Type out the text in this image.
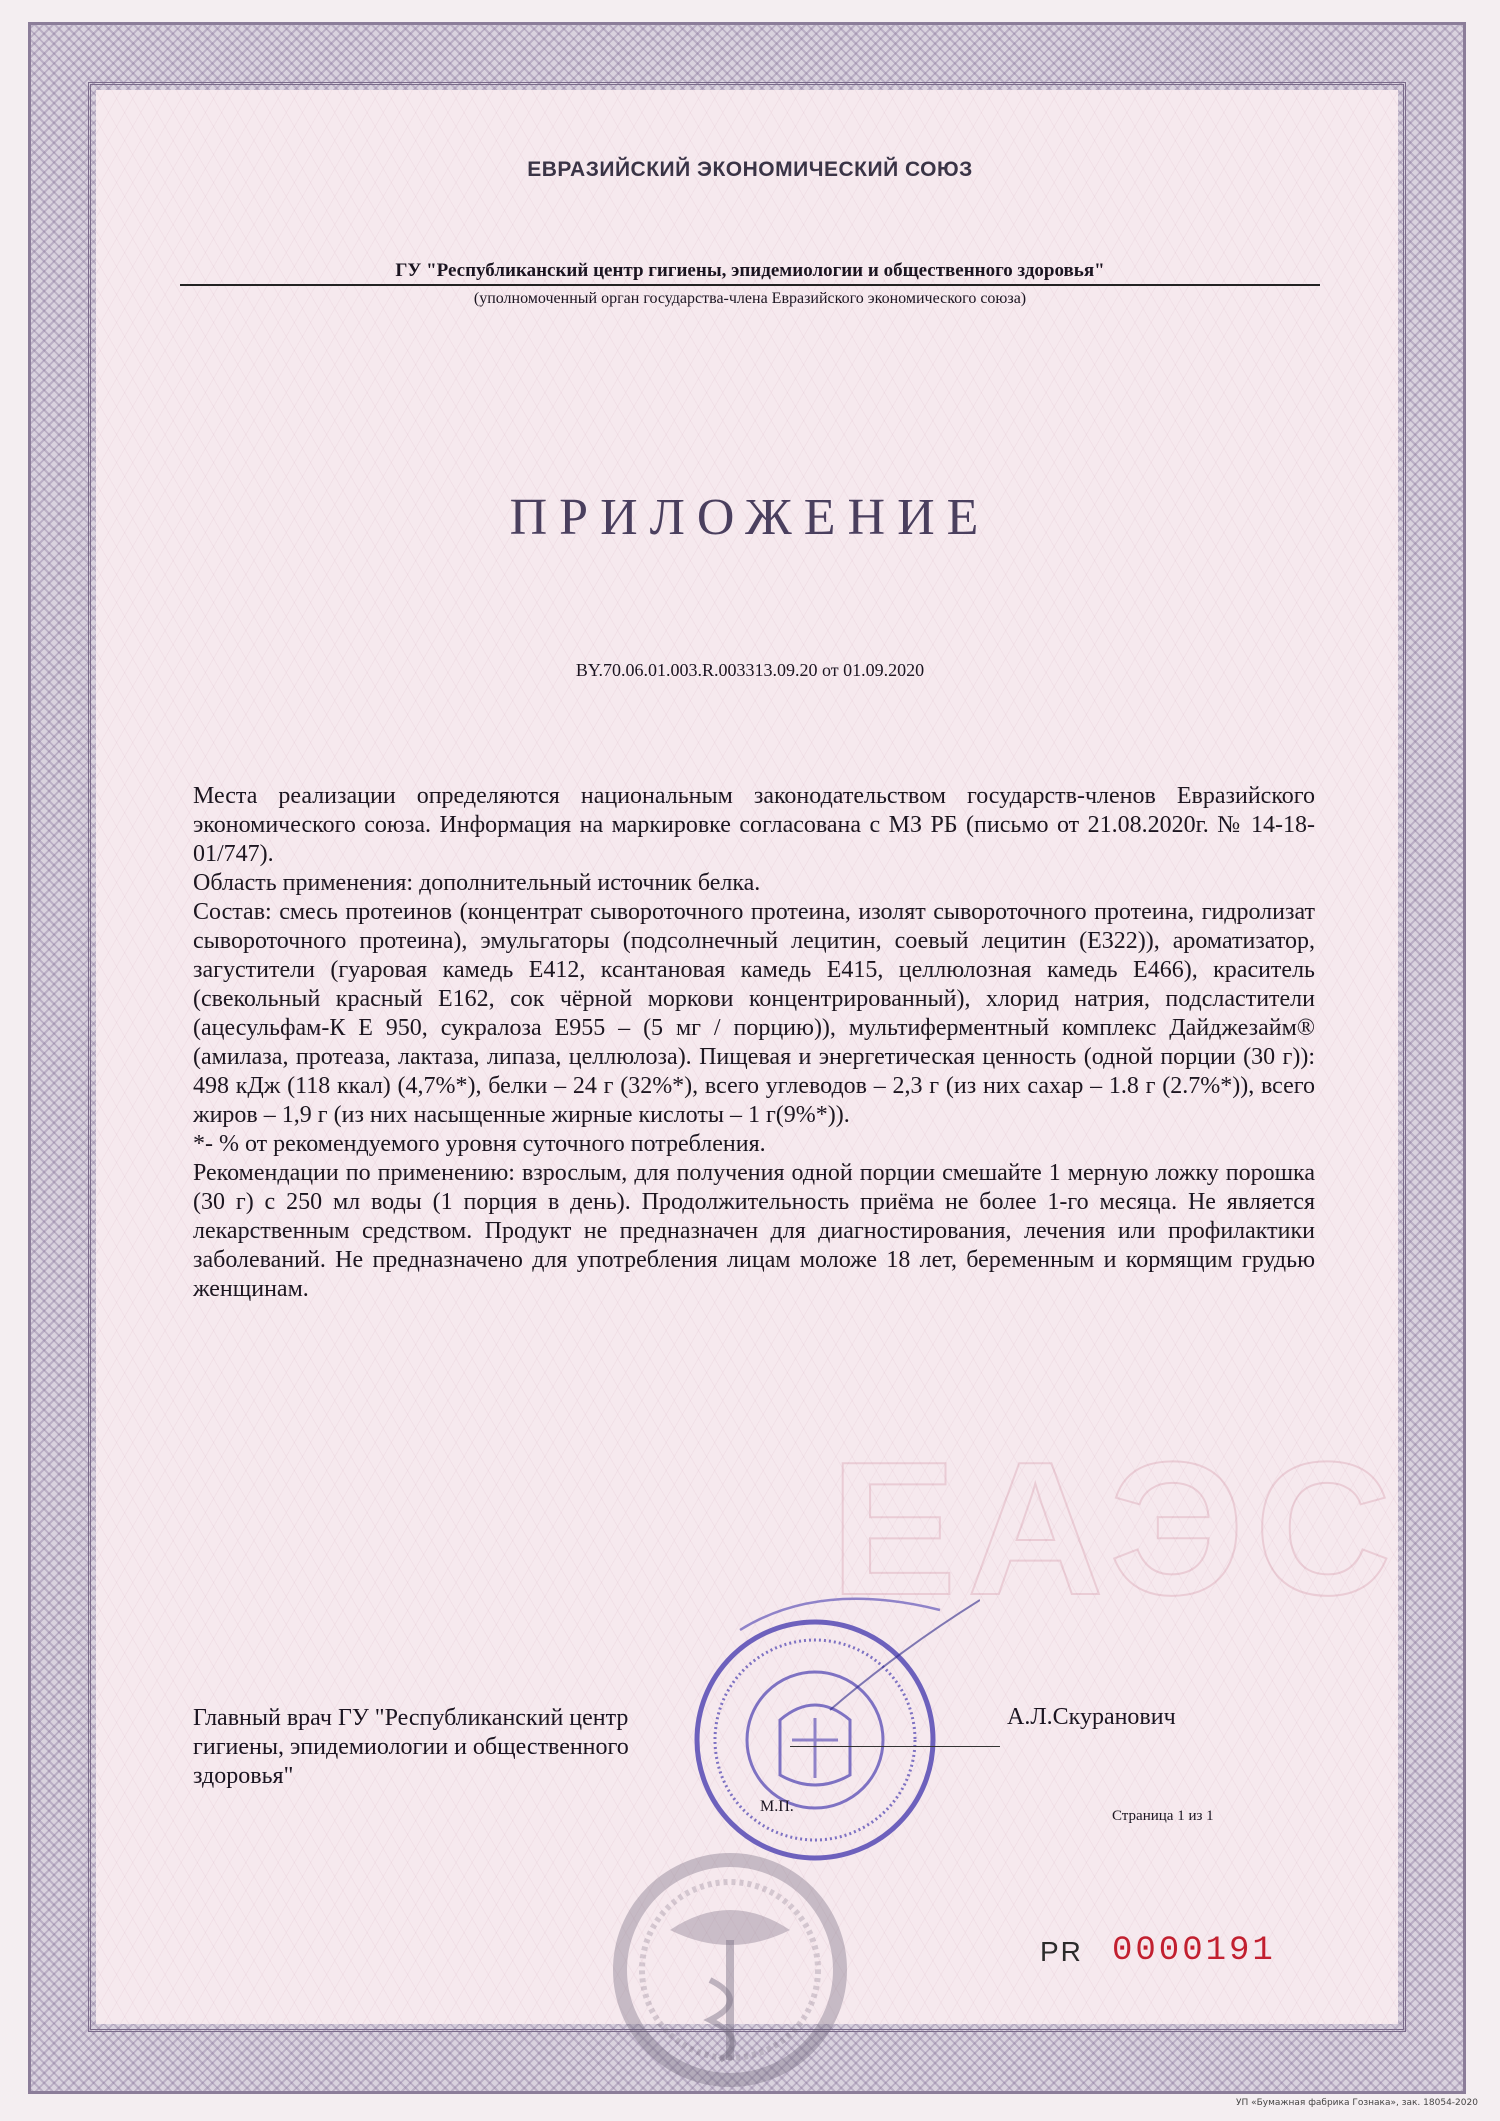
ЕАЭС
ЕВРАЗИЙСКИЙ ЭКОНОМИЧЕСКИЙ СОЮЗ
ГУ "Республиканский центр гигиены, эпидемиологии и общественного здоровья"
(уполномоченный орган государства-члена Евразийского экономического союза)
ПРИЛОЖЕНИЕ
BY.70.06.01.003.R.003313.09.20 от 01.09.2020

Места реализации определяются национальным законодательством государств-членов Евразийского экономического союза. Информация на маркировке согласована с МЗ РБ (письмо от 21.08.2020г. № 14-18-01/747).

Область применения: дополнительный источник белка.

Состав: смесь протеинов (концентрат сывороточного протеина, изолят сывороточного протеина, гидролизат сывороточного протеина), эмульгаторы (подсолнечный лецитин, соевый лецитин (Е322)), ароматизатор, загустители (гуаровая камедь Е412, ксантановая камедь Е415, целлюлозная камедь Е466), краситель (свекольный красный Е162, сок чёрной моркови концентрированный), хлорид натрия, подсластители (ацесульфам-К Е 950, сукралоза Е955 – (5 мг / порцию)), мультиферментный комплекс Дайджезайм® (амилаза, протеаза, лактаза, липаза, целлюлоза). Пищевая и энергетическая ценность (одной порции (30 г)): 498 кДж (118 ккал) (4,7%*), белки – 24 г (32%*), всего углеводов – 2,3 г (из них сахар – 1.8 г (2.7%*)), всего жиров – 1,9 г (из них насыщенные жирные кислоты – 1 г(9%*)).

*- % от рекомендуемого уровня суточного потребления.

Рекомендации по применению: взрослым, для получения одной порции смешайте 1 мерную ложку порошка (30 г) с 250 мл воды (1 порция в день). Продолжительность приёма не более 1-го месяца. Не является лекарственным средством. Продукт не предназначен для диагностирования, лечения или профилактики заболеваний. Не предназначено для употребления лицам моложе 18 лет, беременным и кормящим грудью женщинам.

Главный врач ГУ "Республиканский центр
гигиены, эпидемиологии и общественного
здоровья"
А.Л.Скуранович
М.П.
Страница 1 из 1
PR 0000191
УП «Бумажная фабрика Гознака», зак. 18054-2020
